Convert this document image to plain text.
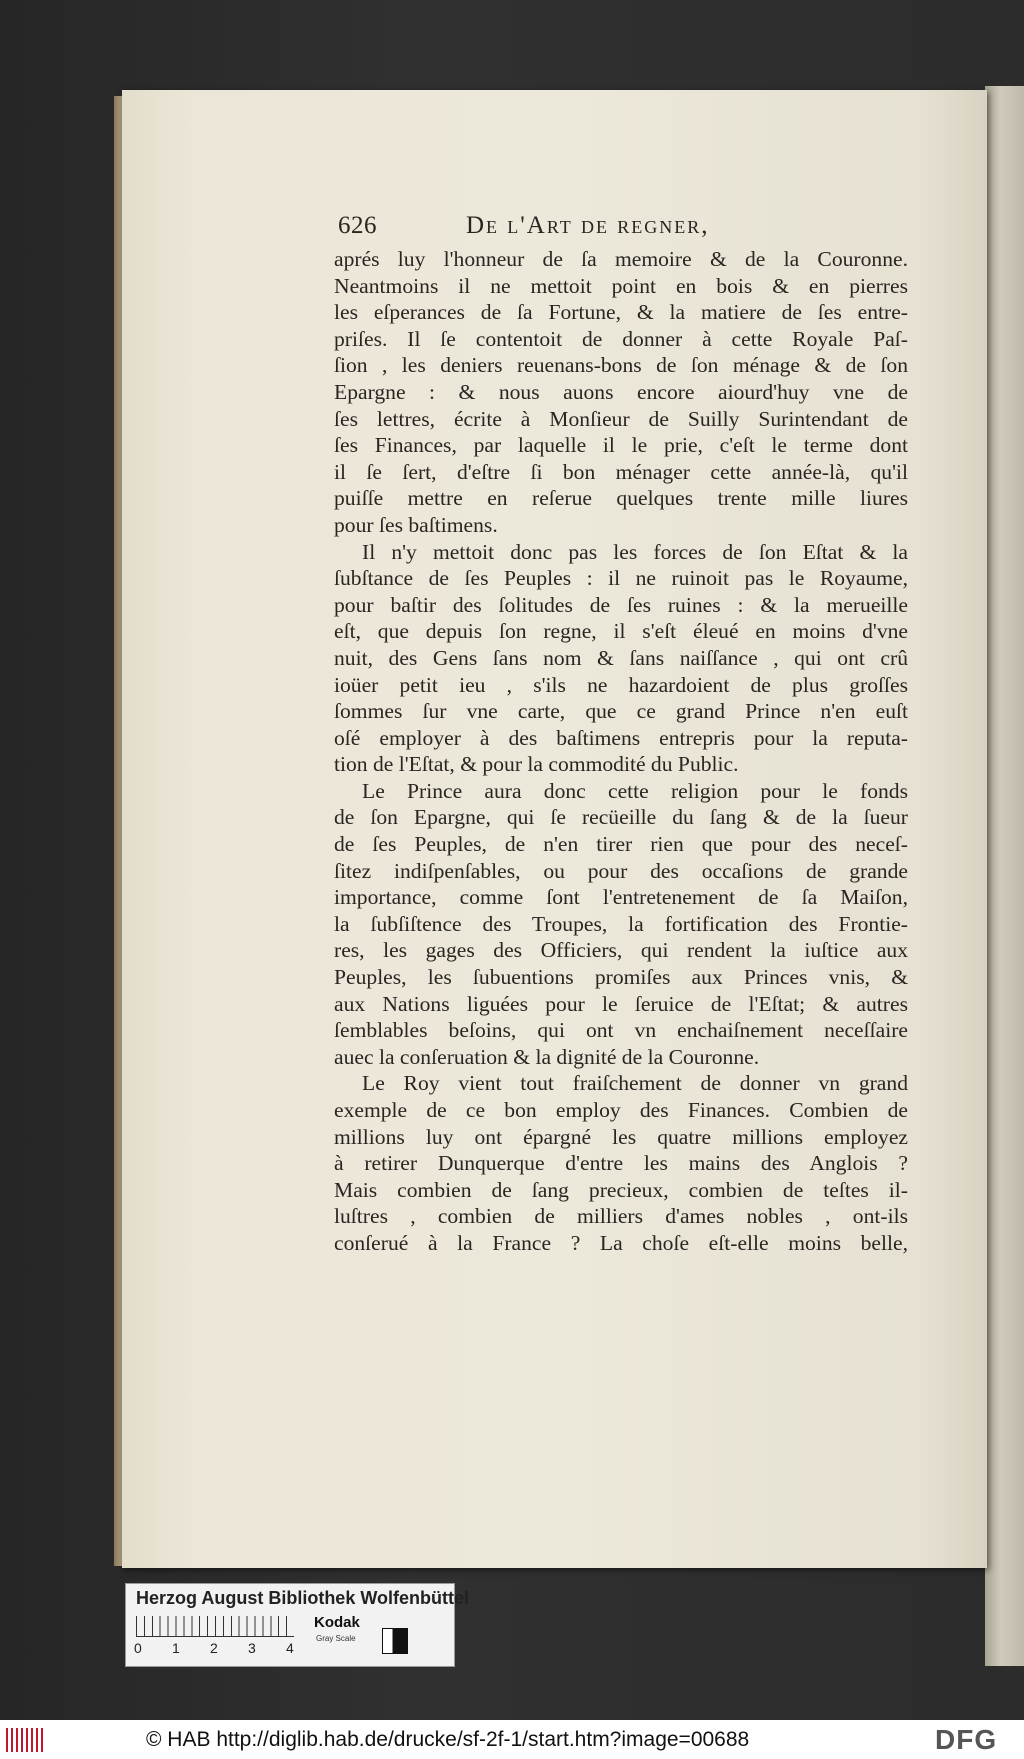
626	De l'Art de regner,
aprés luy l'honneur de ſa memoire & de la Couronne.
Neantmoins il ne mettoit point en bois & en pierres
les eſperances de ſa Fortune, & la matiere de ſes entre-
priſes. Il ſe contentoit de donner à cette Royale Paſ-
ſion , les deniers reuenans-bons de ſon ménage & de ſon
Epargne : & nous auons encore aiourd'huy vne de
ſes lettres, écrite à Monſieur de Suilly Surintendant de
ſes Finances, par laquelle il le prie, c'eſt le terme dont
il ſe ſert, d'eſtre ſi bon ménager cette année-là, qu'il
puiſſe mettre en reſerue quelques trente mille liures
pour ſes baſtimens.
Il n'y mettoit donc pas les forces de ſon Eſtat & la
ſubſtance de ſes Peuples : il ne ruinoit pas le Royaume,
pour baſtir des ſolitudes de ſes ruines : & la merueille
eſt, que depuis ſon regne, il s'eſt éleué en moins d'vne
nuit, des Gens ſans nom & ſans naiſſance , qui ont crû
ioüer petit ieu , s'ils ne hazardoient de plus groſſes
ſommes ſur vne carte, que ce grand Prince n'en euſt
oſé employer à des baſtimens entrepris pour la reputa-
tion de l'Eſtat, & pour la commodité du Public.
Le Prince aura donc cette religion pour le fonds
de ſon Epargne, qui ſe recüeille du ſang & de la ſueur
de ſes Peuples, de n'en tirer rien que pour des neceſ-
ſitez indiſpenſables, ou pour des occaſions de grande
importance, comme ſont l'entretenement de ſa Maiſon,
la ſubſiſtence des Troupes, la fortification des Frontie-
res, les gages des Officiers, qui rendent la iuſtice aux
Peuples, les ſubuentions promiſes aux Princes vnis, &
aux Nations liguées pour le ſeruice de l'Eſtat; & autres
ſemblables beſoins, qui ont vn enchaiſnement neceſſaire
auec la conſeruation & la dignité de la Couronne.
Le Roy vient tout fraiſchement de donner vn grand
exemple de ce bon employ des Finances. Combien de
millions luy ont épargné les quatre millions employez
à retirer Dunquerque d'entre les mains des Anglois ?
Mais combien de ſang precieux, combien de teſtes il-
luſtres , combien de milliers d'ames nobles , ont-ils
conſerué à la France ? La choſe eſt-elle moins belle,
Herzog August Bibliothek Wolfenbüttel
0 1 2 3 4
Kodak
Gray Scale
© HAB http://diglib.hab.de/drucke/sf-2f-1/start.htm?image=00688	DFG
